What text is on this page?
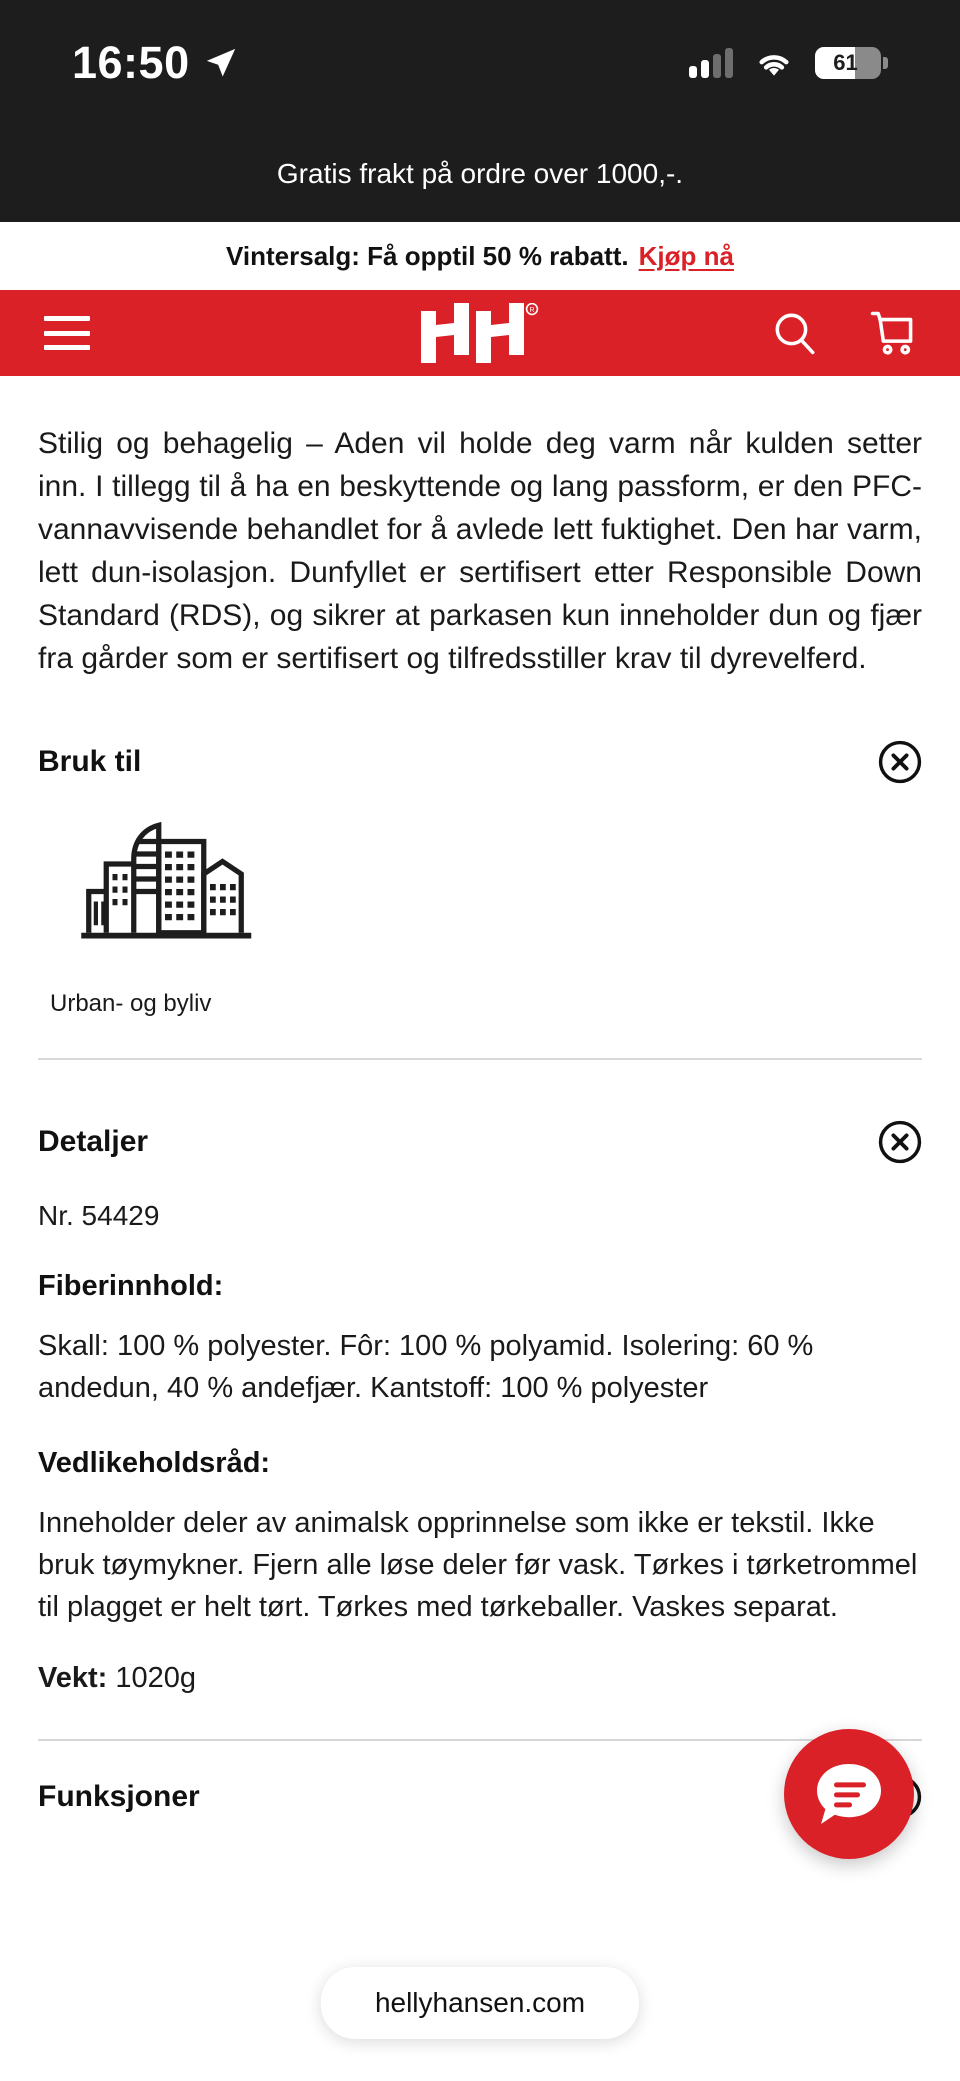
16:50	61
Gratis frakt på ordre over 1000,-.
Vintersalg: Få opptil 50 % rabatt. Kjøp nå
R

Stilig og behagelig – Aden vil holde deg varm når kulden setter inn. I tillegg til å ha en beskyttende og lang passform, er den PFC-vannavvisende behandlet for å avlede lett fuktighet. Den har varm, lett dun-isolasjon. Dunfyllet er sertifisert etter Responsible Down Standard (RDS), og sikrer at parkasen kun inneholder dun og fjær fra gårder som er sertifisert og tilfredsstiller krav til dyrevelferd.

Bruk til
Urban- og byliv
Detaljer
Nr. 54429
Fiberinnhold:
Skall: 100 % polyester. Fôr: 100 % polyamid. Isolering: 60 % andedun, 40 % andefjær. Kantstoff: 100 % polyester
Vedlikeholdsråd:
Inneholder deler av animalsk opprinnelse som ikke er tekstil. Ikke bruk tøymykner. Fjern alle løse deler før vask. Tørkes i tørketrommel til plagget er helt tørt. Tørkes med tørkeballer. Vaskes separat.
Vekt: 1020g
Funksjoner
hellyhansen.com
